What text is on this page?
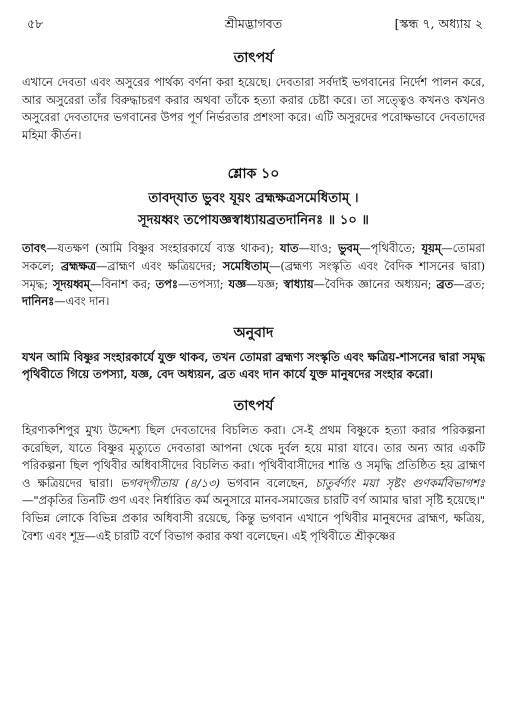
৫৮	শ্রীমদ্ভাগবত	[স্কন্ধ ৭, অধ্যায় ২
তাৎপর্য

এখানে দেবতা এবং অসুরের পার্থক্য বর্ণনা করা হয়েছে। দেবতারা সর্বদাই ভগবানের নির্দেশ পালন করে, আর অসুরেরা তাঁর বিরুদ্ধাচরণ করার অথবা তাঁকে হত্যা করার চেষ্টা করে। তা সত্ত্বেও কখনও কখনও অসুরেরা দেবতাদের ভগবানের উপর পূর্ণ নির্ভরতার প্রশংসা করে। এটি অসুরদের পরোক্ষভাবে দেবতাদের মহিমা কীর্তন।

শ্লোক ১০

তাবদ্‌যাত ভুবং যূয়ং ব্রহ্মক্ষত্রসমেধিতাম্‌ ।

সূদয়ধ্বং তপোযজ্ঞস্বাধ্যায়ব্রতদানিনঃ ॥ ১০ ॥

তাবৎ—যতক্ষণ (আমি বিষ্ণুর সংহারকার্যে ব্যস্ত থাকব); যাত—যাও; ভুবম্‌—পৃথিবীতে; যূয়ম্‌—তোমরা সকলে; ব্রহ্মক্ষত্র—ব্রাহ্মণ এবং ক্ষত্রিয়দের; সমেধিতাম্‌—(ব্রহ্মণ্য সংস্কৃতি এবং বৈদিক শাসনের দ্বারা) সমৃদ্ধ; সূদয়ধ্বম্‌—বিনাশ কর; তপঃ—তপস্যা; যজ্ঞ—যজ্ঞ; স্বাধ্যায়—বৈদিক জ্ঞানের অধ্যয়ন; ব্রত—ব্রত; দানিনঃ—এবং দান।

অনুবাদ

যখন আমি বিষ্ণুর সংহারকার্যে যুক্ত থাকব, তখন তোমরা ব্রহ্মণ্য সংস্কৃতি এবং ক্ষত্রিয়-শাসনের দ্বারা সমৃদ্ধ পৃথিবীতে গিয়ে তপস্যা, যজ্ঞ, বেদ অধ্যয়ন, ব্রত এবং দান কার্যে যুক্ত মানুষদের সংহার করো।

তাৎপর্য

হিরণ্যকশিপুর মুখ্য উদ্দেশ্য ছিল দেবতাদের বিচলিত করা। সে-ই প্রথম বিষ্ণুকে হত্যা করার পরিকল্পনা করেছিল, যাতে বিষ্ণুর মৃত্যুতে দেবতারা আপনা থেকে দুর্বল হয়ে মারা যাবে। তার অন্য আর একটি পরিকল্পনা ছিল পৃথিবীর অধিবাসীদের বিচলিত করা। পৃথিবীবাসীদের শান্তি ও সমৃদ্ধি প্রতিষ্ঠিত হয় ব্রাহ্মণ ও ক্ষত্রিয়দের দ্বারা। ভগবদ্‌গীতায় (৪/১৩) ভগবান বলেছেন, চাতুর্বর্ণ্যং ময়া সৃষ্টং গুণকর্মবিভাগশঃ—"প্রকৃতির তিনটি গুণ এবং নির্ধারিত কর্ম অনুসারে মানব-সমাজের চারটি বর্ণ আমার দ্বারা সৃষ্টি হয়েছে।" বিভিন্ন লোকে বিভিন্ন প্রকার অধিবাসী রয়েছে, কিন্তু ভগবান এখানে পৃথিবীর মানুষদের ব্রাহ্মণ, ক্ষত্রিয়, বৈশ্য এবং শূদ্র—এই চারটি বর্ণে বিভাগ করার কথা বলেছেন। এই পৃথিবীতে শ্রীকৃষ্ণের
